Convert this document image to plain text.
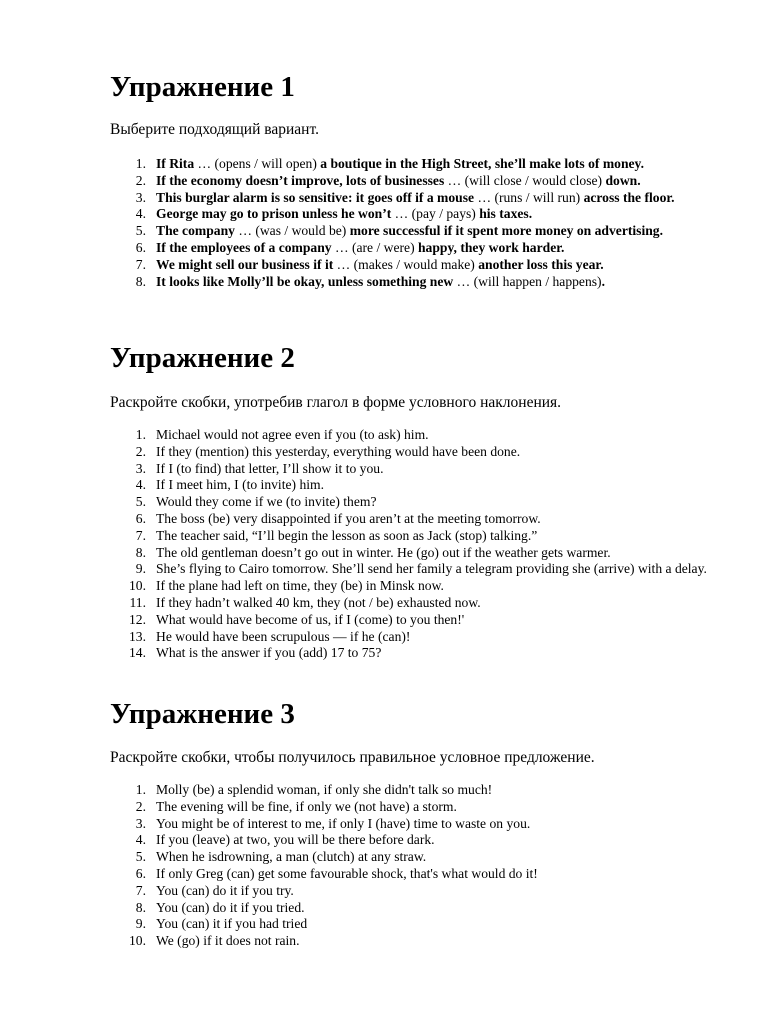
Упражнение 1

Выберите подходящий вариант.

1. If Rita … (opens / will open) a boutique in the High Street, she’ll make lots of money.
2. If the economy doesn’t improve, lots of businesses … (will close / would close) down.
3. This burglar alarm is so sensitive: it goes off if a mouse … (runs / will run) across the floor.
4. George may go to prison unless he won’t … (pay / pays) his taxes.
5. The company … (was / would be) more successful if it spent more money on advertising.
6. If the employees of a company … (are / were) happy, they work harder.
7. We might sell our business if it … (makes / would make) another loss this year.
8. It looks like Molly’ll be okay, unless something new … (will happen / happens).
Упражнение 2

Раскройте скобки, употребив глагол в форме условного наклонения.

1. Michael would not agree even if you (to ask) him.
2. If they (mention) this yesterday, everything would have been done.
3. If I (to find) that letter, I’ll show it to you.
4. If I meet him, I (to invite) him.
5. Would they come if we (to invite) them?
6. The boss (be) very disappointed if you aren’t at the meeting tomorrow.
7. The teacher said, “I’ll begin the lesson as soon as Jack (stop) talking.”
8. The old gentleman doesn’t go out in winter. He (go) out if the weather gets warmer.
9. She’s flying to Cairo tomorrow. She’ll send her family a telegram providing she (arrive) with a delay.
10. If the plane had left on time, they (be) in Minsk now.
11. If they hadn’t walked 40 km, they (not / be) exhausted now.
12. What would have become of us, if I (come) to you then!'
13. He would have been scrupulous — if he (can)!
14. What is the answer if you (add) 17 to 75?
Упражнение 3

Раскройте скобки, чтобы получилось правильное условное предложение.

1. Molly (be) a splendid woman, if only she didn't talk so much!
2. The evening will be fine, if only we (not have) a storm.
3. You might be of interest to me, if only I (have) time to waste on you.
4. If you (leave) at two, you will be there before dark.
5. When he isdrowning, a man (clutch) at any straw.
6. If only Greg (can) get some favourable shock, that's what would do it!
7. You (can) do it if you try.
8. You (can) do it if you tried.
9. You (can) it if you had tried
10. We (go) if it does not rain.
